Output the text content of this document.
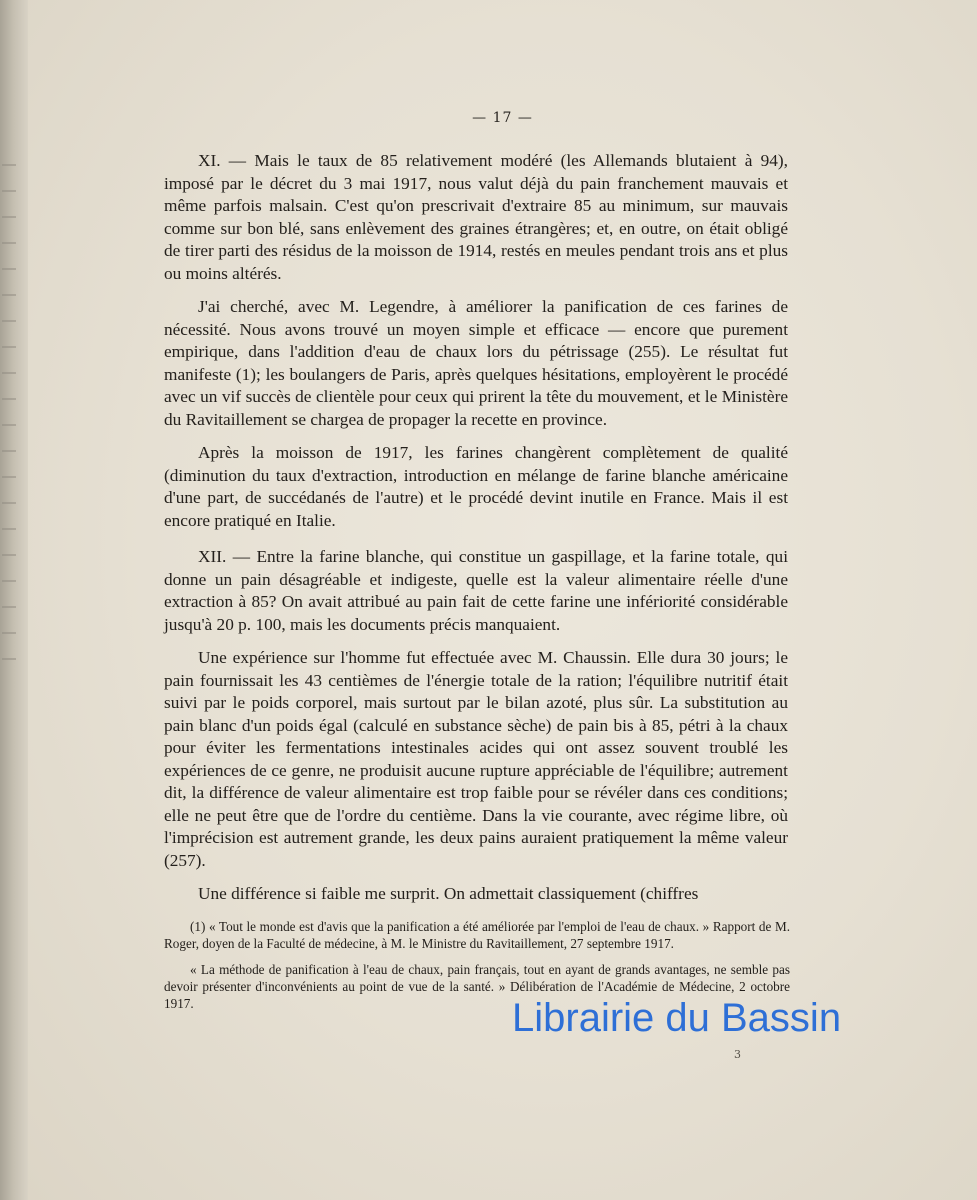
— 17 —

XI. — Mais le taux de 85 relativement modéré (les Allemands blutaient à 94), imposé par le décret du 3 mai 1917, nous valut déjà du pain franchement mauvais et même parfois malsain. C'est qu'on prescrivait d'extraire 85 au minimum, sur mauvais comme sur bon blé, sans enlèvement des graines étrangères; et, en outre, on était obligé de tirer parti des résidus de la moisson de 1914, restés en meules pendant trois ans et plus ou moins altérés.

J'ai cherché, avec M. Legendre, à améliorer la panification de ces farines de nécessité. Nous avons trouvé un moyen simple et efficace — encore que purement empirique, dans l'addition d'eau de chaux lors du pétrissage (255). Le résultat fut manifeste (1); les boulangers de Paris, après quelques hésitations, employèrent le procédé avec un vif succès de clientèle pour ceux qui prirent la tête du mouvement, et le Ministère du Ravitaillement se chargea de propager la recette en province.

Après la moisson de 1917, les farines changèrent complètement de qualité (diminution du taux d'extraction, introduction en mélange de farine blanche américaine d'une part, de succédanés de l'autre) et le procédé devint inutile en France. Mais il est encore pratiqué en Italie.

XII. — Entre la farine blanche, qui constitue un gaspillage, et la farine totale, qui donne un pain désagréable et indigeste, quelle est la valeur alimentaire réelle d'une extraction à 85? On avait attribué au pain fait de cette farine une infériorité considérable jusqu'à 20 p. 100, mais les documents précis manquaient.

Une expérience sur l'homme fut effectuée avec M. Chaussin. Elle dura 30 jours; le pain fournissait les 43 centièmes de l'énergie totale de la ration; l'équilibre nutritif était suivi par le poids corporel, mais surtout par le bilan azoté, plus sûr. La substitution au pain blanc d'un poids égal (calculé en substance sèche) de pain bis à 85, pétri à la chaux pour éviter les fermentations intestinales acides qui ont assez souvent troublé les expériences de ce genre, ne produisit aucune rupture appréciable de l'équilibre; autrement dit, la différence de valeur alimentaire est trop faible pour se révéler dans ces conditions; elle ne peut être que de l'ordre du centième. Dans la vie courante, avec régime libre, où l'imprécision est autrement grande, les deux pains auraient pratiquement la même valeur (257).

Une différence si faible me surprit. On admettait classiquement (chiffres

(1) « Tout le monde est d'avis que la panification a été améliorée par l'emploi de l'eau de chaux. » Rapport de M. Roger, doyen de la Faculté de médecine, à M. le Ministre du Ravitaillement, 27 septembre 1917.

« La méthode de panification à l'eau de chaux, pain français, tout en ayant de grands avantages, ne semble pas devoir présenter d'inconvénients au point de vue de la santé. » Délibération de l'Académie de Médecine, 2 octobre 1917.

3
Librairie du Bassin
